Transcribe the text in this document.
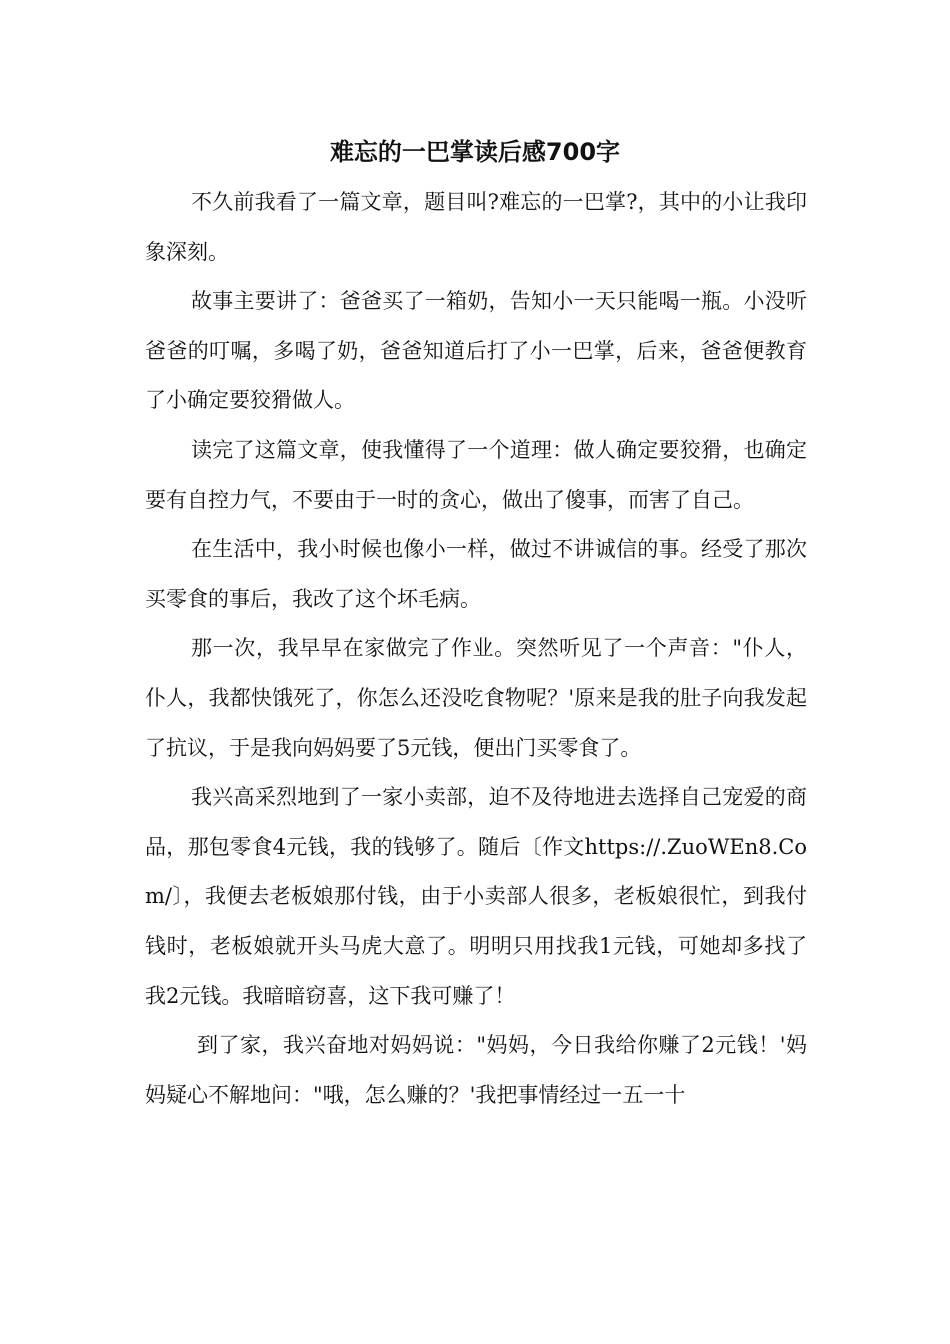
难忘的一巴掌读后感700字

不久前我看了一篇文章，题目叫?难忘的一巴掌?，其中的小让我印象深刻。

故事主要讲了：爸爸买了一箱奶，告知小一天只能喝一瓶。小没听爸爸的叮嘱，多喝了奶，爸爸知道后打了小一巴掌，后来，爸爸便教育了小确定要狡猾做人。

读完了这篇文章，使我懂得了一个道理：做人确定要狡猾，也确定要有自控力气，不要由于一时的贪心，做出了傻事，而害了自己。

在生活中，我小时候也像小一样，做过不讲诚信的事。经受了那次买零食的事后，我改了这个坏毛病。

那一次，我早早在家做完了作业。突然听见了一个声音："仆人，仆人，我都快饿死了，你怎么还没吃食物呢？'原来是我的肚子向我发起了抗议，于是我向妈妈要了5元钱，便出门买零食了。

我兴高采烈地到了一家小卖部，迫不及待地进去选择自己宠爱的商品，那包零食4元钱，我的钱够了。随后〔作文https://.ZuoWEn8.Com/〕，我便去老板娘那付钱，由于小卖部人很多，老板娘很忙，到我付钱时，老板娘就开头马虎大意了。明明只用找我1元钱，可她却多找了我2元钱。我暗暗窃喜，这下我可赚了！

到了家，我兴奋地对妈妈说："妈妈，今日我给你赚了2元钱！'妈妈疑心不解地问："哦，怎么赚的？'我把事情经过一五一十
